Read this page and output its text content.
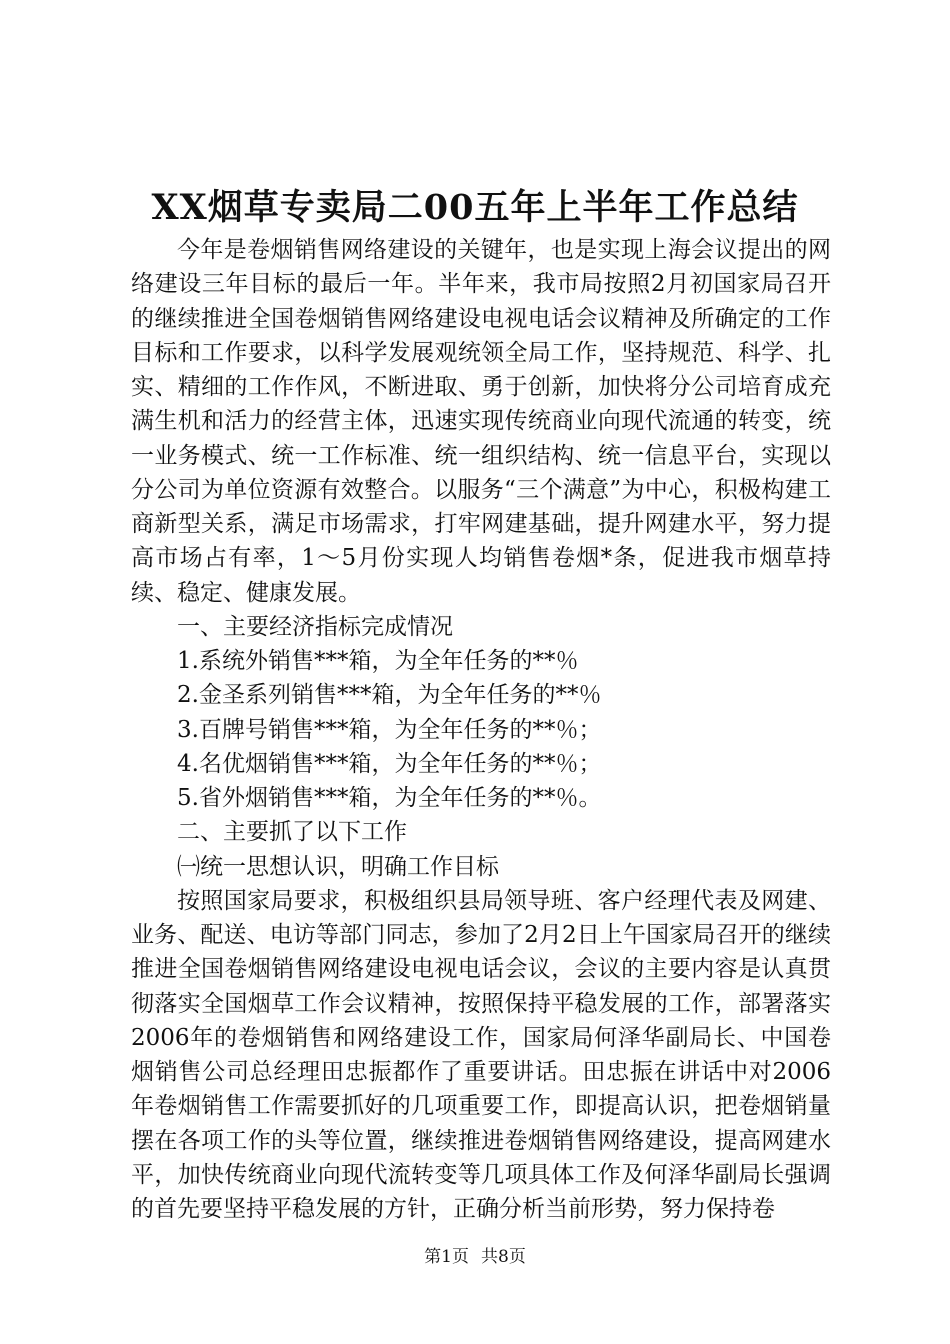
XX烟草专卖局二00五年上半年工作总结

今年是卷烟销售网络建设的关键年，也是实现上海会议提出的网络建设三年目标的最后一年。半年来，我市局按照2月初国家局召开的继续推进全国卷烟销售网络建设电视电话会议精神及所确定的工作目标和工作要求，以科学发展观统领全局工作，坚持规范、科学、扎实、精细的工作作风，不断进取、勇于创新，加快将分公司培育成充满生机和活力的经营主体，迅速实现传统商业向现代流通的转变，统一业务模式、统一工作标准、统一组织结构、统一信息平台，实现以分公司为单位资源有效整合。以服务“三个满意”为中心，积极构建工商新型关系，满足市场需求，打牢网建基础，提升网建水平，努力提高市场占有率，1～5月份实现人均销售卷烟*条，促进我市烟草持续、稳定、健康发展。

一、主要经济指标完成情况

1.系统外销售***箱，为全年任务的**％

2.金圣系列销售***箱，为全年任务的**％

3.百牌号销售***箱，为全年任务的**％；

4.名优烟销售***箱，为全年任务的**％；

5.省外烟销售***箱，为全年任务的**％。

二、主要抓了以下工作

㈠统一思想认识，明确工作目标

按照国家局要求，积极组织县局领导班、客户经理代表及网建、业务、配送、电访等部门同志，参加了2月2日上午国家局召开的继续推进全国卷烟销售网络建设电视电话会议，会议的主要内容是认真贯彻落实全国烟草工作会议精神，按照保持平稳发展的工作，部署落实2006年的卷烟销售和网络建设工作，国家局何泽华副局长、中国卷烟销售公司总经理田忠振都作了重要讲话。田忠振在讲话中对2006年卷烟销售工作需要抓好的几项重要工作，即提高认识，把卷烟销量摆在各项工作的头等位置，继续推进卷烟销售网络建设，提高网建水平，加快传统商业向现代流转变等几项具体工作及何泽华副局长强调的首先要坚持平稳发展的方针，正确分析当前形势，努力保持卷

第1页 共8页
